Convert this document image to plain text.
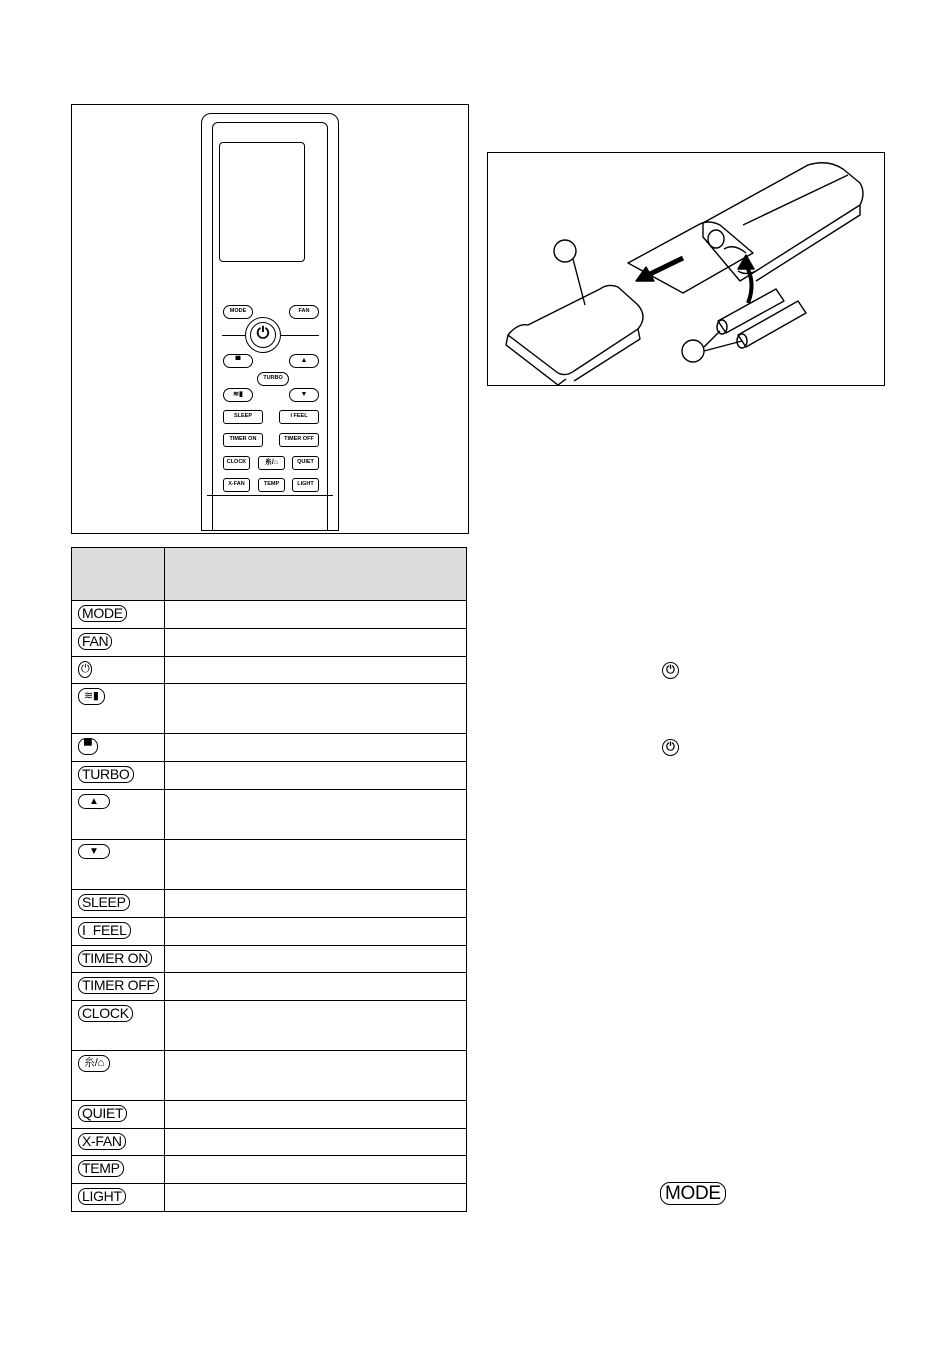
MODE	FAN
⏻
▀	▲
TURBO
≋▮	▼
SLEEP	I FEEL
TIMER ON	TIMER OFF
CLOCK	⽷/⌂	QUIET
X-FAN	TEMP	LIGHT

MODE	
FAN	
⏻	
≋▮	
▀	
TURBO	
▲	
▼	
SLEEP	
I  FEEL	
TIMER ON	
TIMER OFF	
CLOCK	
⽷/⌂	
QUIET	
X-FAN	
TEMP	
LIGHT	
⏻
⏻
MODE
